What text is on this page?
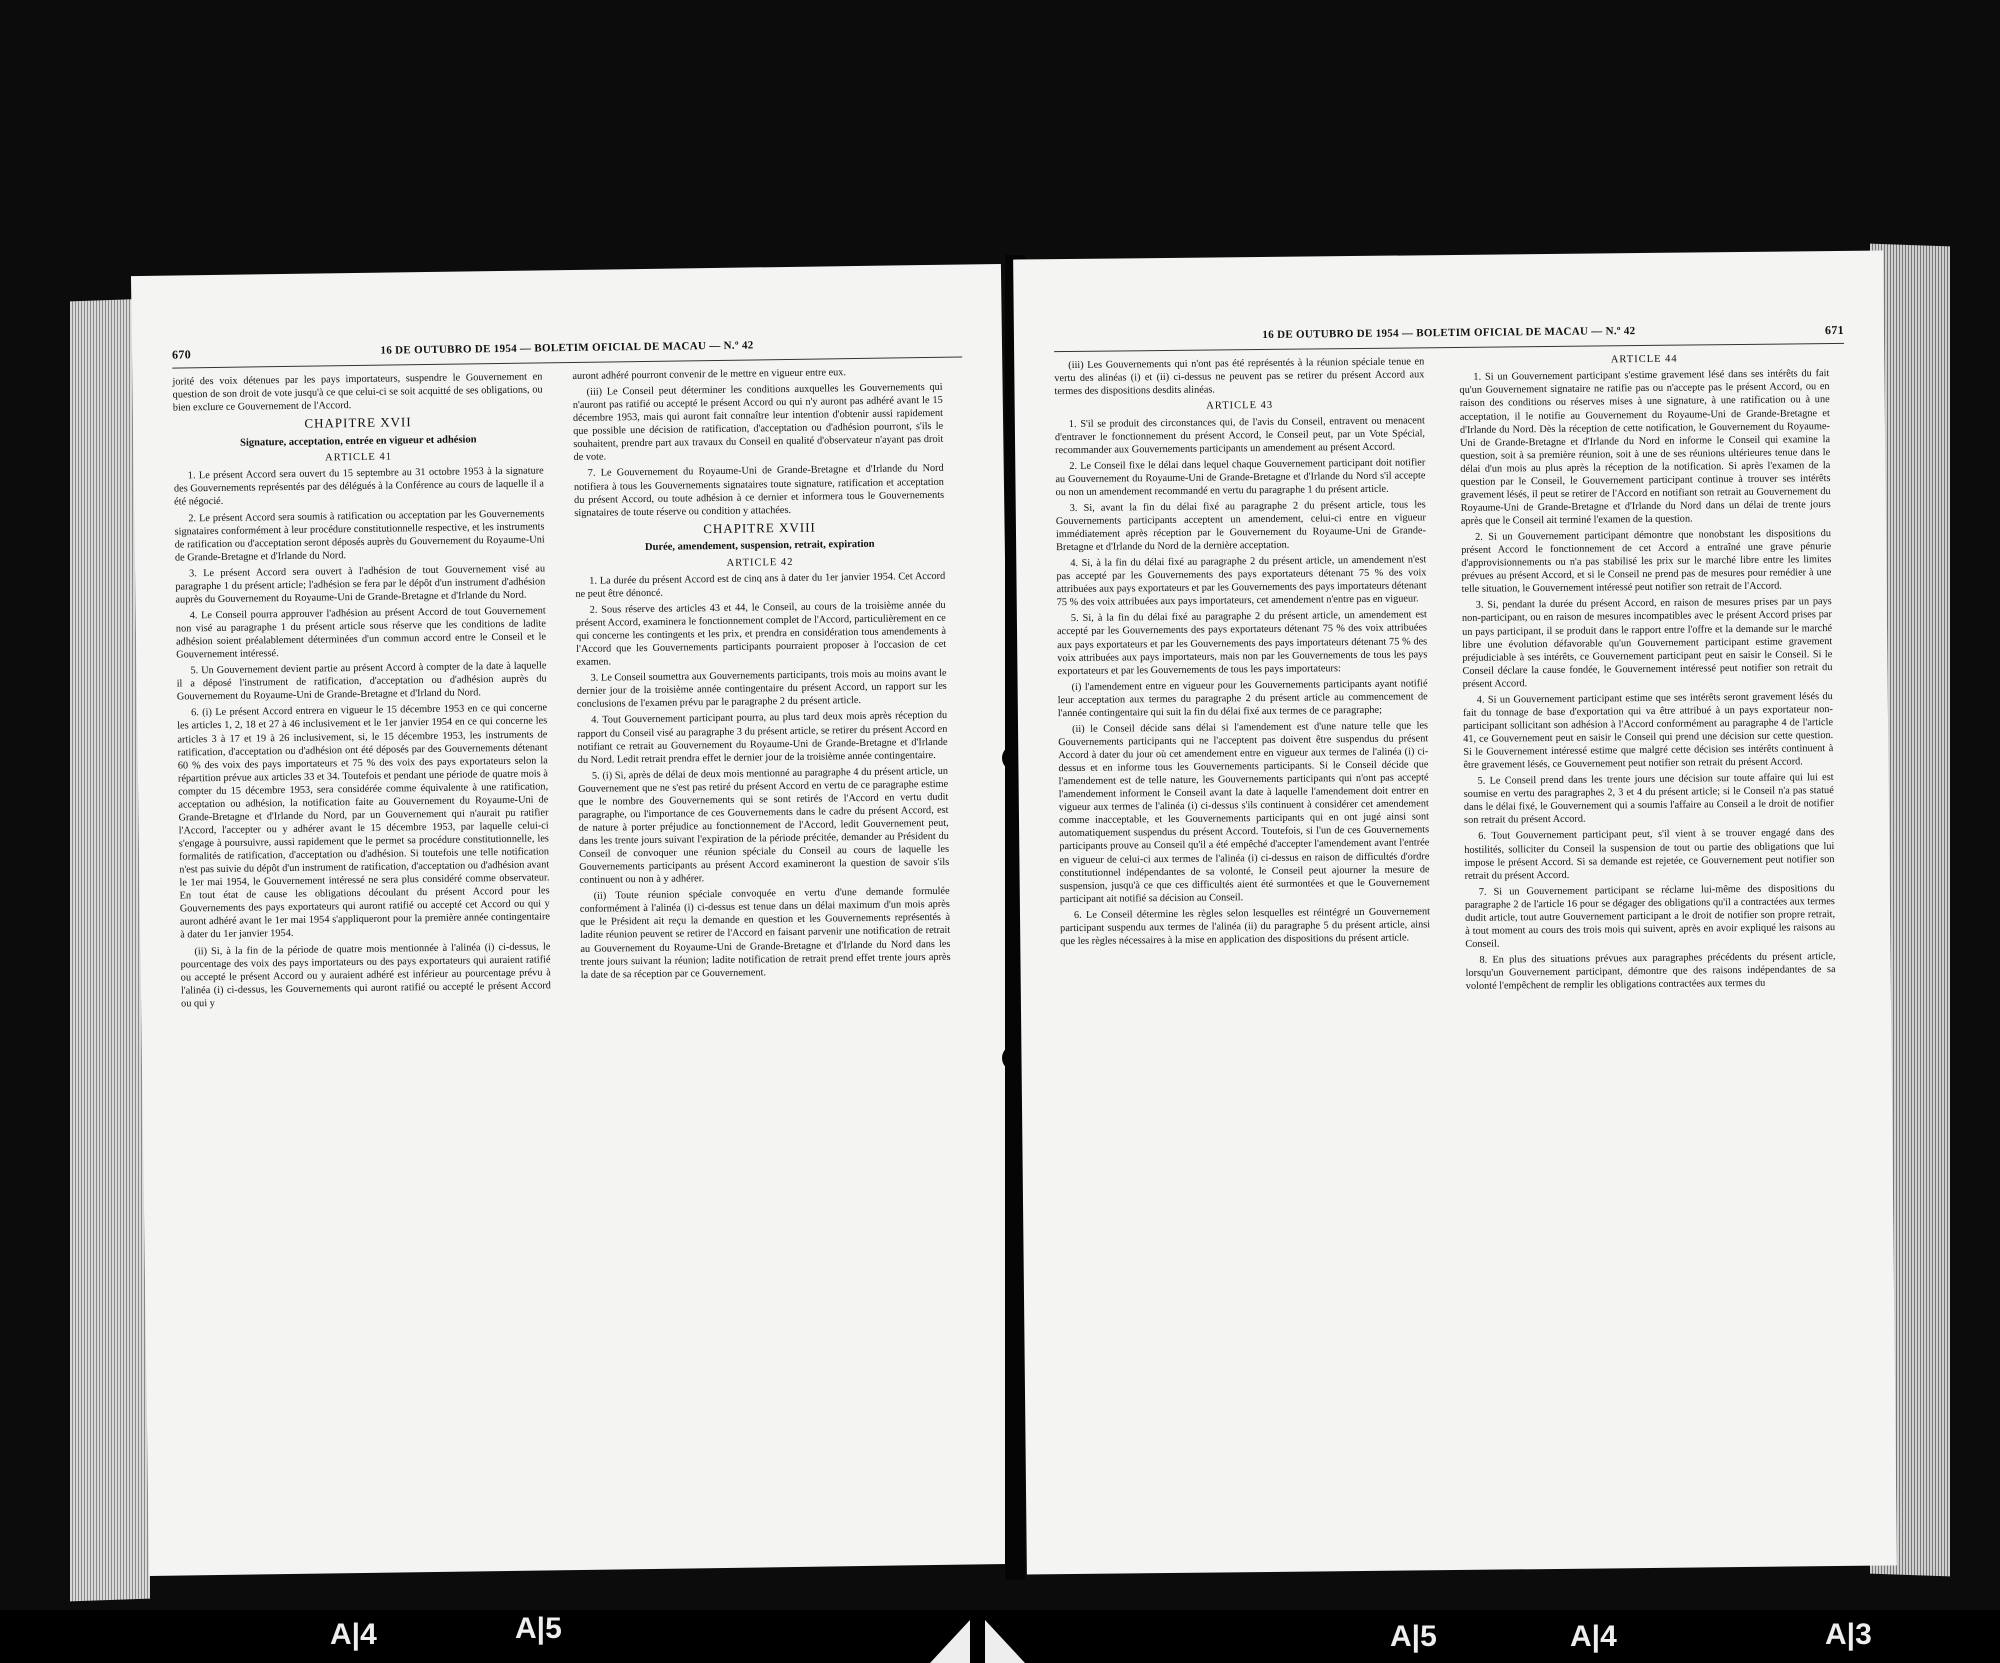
670	16 DE OUTUBRO DE 1954 — BOLETIM OFICIAL DE MACAU — N.º 42

jorité des voix détenues par les pays importateurs, suspendre le Gouvernement en question de son droit de vote jusqu'à ce que celui-ci se soit acquitté de ses obligations, ou bien exclure ce Gouvernement de l'Accord.

CHAPITRE XVII

Signature, acceptation, entrée en vigueur et adhésion

ARTICLE 41

1. Le présent Accord sera ouvert du 15 septembre au 31 octobre 1953 à la signature des Gouvernements représentés par des délégués à la Conférence au cours de laquelle il a été négocié.

2. Le présent Accord sera soumis à ratification ou acceptation par les Gouvernements signataires conformément à leur procédure constitutionnelle respective, et les instruments de ratification ou d'acceptation seront déposés auprès du Gouvernement du Royaume-Uni de Grande-Bretagne et d'Irlande du Nord.

3. Le présent Accord sera ouvert à l'adhésion de tout Gouvernement visé au paragraphe 1 du présent article; l'adhésion se fera par le dépôt d'un instrument d'adhésion auprès du Gouvernement du Royaume-Uni de Grande-Bretagne et d'Irlande du Nord.

4. Le Conseil pourra approuver l'adhésion au présent Accord de tout Gouvernement non visé au paragraphe 1 du présent article sous réserve que les conditions de ladite adhésion soient préalablement déterminées d'un commun accord entre le Conseil et le Gouvernement intéressé.

5. Un Gouvernement devient partie au présent Accord à compter de la date à laquelle il a déposé l'instrument de ratification, d'acceptation ou d'adhésion auprès du Gouvernement du Royaume-Uni de Grande-Bretagne et d'Irland du Nord.

6. (i) Le présent Accord entrera en vigueur le 15 décembre 1953 en ce qui concerne les articles 1, 2, 18 et 27 à 46 inclusivement et le 1er janvier 1954 en ce qui concerne les articles 3 à 17 et 19 à 26 inclusivement, si, le 15 décembre 1953, les instruments de ratification, d'acceptation ou d'adhésion ont été déposés par des Gouvernements détenant 60 % des voix des pays importateurs et 75 % des voix des pays exportateurs selon la répartition prévue aux articles 33 et 34. Toutefois et pendant une période de quatre mois à compter du 15 décembre 1953, sera considérée comme équivalente à une ratification, acceptation ou adhésion, la notification faite au Gouvernement du Royaume-Uni de Grande-Bretagne et d'Irlande du Nord, par un Gouvernement qui n'aurait pu ratifier l'Accord, l'accepter ou y adhérer avant le 15 décembre 1953, par laquelle celui-ci s'engage à poursuivre, aussi rapidement que le permet sa procédure constitutionnelle, les formalités de ratification, d'acceptation ou d'adhésion. Si toutefois une telle notification n'est pas suivie du dépôt d'un instrument de ratification, d'acceptation ou d'adhésion avant le 1er mai 1954, le Gouvernement intéressé ne sera plus considéré comme observateur. En tout état de cause les obligations découlant du présent Accord pour les Gouvernements des pays exportateurs qui auront ratifié ou accepté cet Accord ou qui y auront adhéré avant le 1er mai 1954 s'appliqueront pour la première année contingentaire à dater du 1er janvier 1954.

(ii) Si, à la fin de la période de quatre mois mentionnée à l'alinéa (i) ci-dessus, le pourcentage des voix des pays importateurs ou des pays exportateurs qui auraient ratifié ou accepté le présent Accord ou y auraient adhéré est inférieur au pourcentage prévu à l'alinéa (i) ci-dessus, les Gouvernements qui auront ratifié ou accepté le présent Accord ou qui y

auront adhéré pourront convenir de le mettre en vigueur entre eux.

(iii) Le Conseil peut déterminer les conditions auxquelles les Gouvernements qui n'auront pas ratifié ou accepté le présent Accord ou qui n'y auront pas adhéré avant le 15 décembre 1953, mais qui auront fait connaître leur intention d'obtenir aussi rapidement que possible une décision de ratification, d'acceptation ou d'adhésion pourront, s'ils le souhaitent, prendre part aux travaux du Conseil en qualité d'observateur n'ayant pas droit de vote.

7. Le Gouvernement du Royaume-Uni de Grande-Bretagne et d'Irlande du Nord notifiera à tous les Gouvernements signataires toute signature, ratification et acceptation du présent Accord, ou toute adhésion à ce dernier et informera tous le Gouvernements signataires de toute réserve ou condition y attachées.

CHAPITRE XVIII

Durée, amendement, suspension, retrait, expiration

ARTICLE 42

1. La durée du présent Accord est de cinq ans à dater du 1er janvier 1954. Cet Accord ne peut être dénoncé.

2. Sous réserve des articles 43 et 44, le Conseil, au cours de la troisième année du présent Accord, examinera le fonctionnement complet de l'Accord, particulièrement en ce qui concerne les contingents et les prix, et prendra en considération tous amendements à l'Accord que les Gouvernements participants pourraient proposer à l'occasion de cet examen.

3. Le Conseil soumettra aux Gouvernements participants, trois mois au moins avant le dernier jour de la troisième année contingentaire du présent Accord, un rapport sur les conclusions de l'examen prévu par le paragraphe 2 du présent article.

4. Tout Gouvernement participant pourra, au plus tard deux mois après réception du rapport du Conseil visé au paragraphe 3 du présent article, se retirer du présent Accord en notifiant ce retrait au Gouvernement du Royaume-Uni de Grande-Bretagne et d'Irlande du Nord. Ledit retrait prendra effet le dernier jour de la troisième année contingentaire.

5. (i) Si, après de délai de deux mois mentionné au paragraphe 4 du présent article, un Gouvernement que ne s'est pas retiré du présent Accord en vertu de ce paragraphe estime que le nombre des Gouvernements qui se sont retirés de l'Accord en vertu dudit paragraphe, ou l'importance de ces Gouvernements dans le cadre du présent Accord, est de nature à porter préjudice au fonctionnement de l'Accord, ledit Gouvernement peut, dans les trente jours suivant l'expiration de la période précitée, demander au Président du Conseil de convoquer une réunion spéciale du Conseil au cours de laquelle les Gouvernements participants au présent Accord examineront la question de savoir s'ils continuent ou non à y adhérer.

(ii) Toute réunion spéciale convoquée en vertu d'une demande formulée conformément à l'alinéa (i) ci-dessus est tenue dans un délai maximum d'un mois après que le Président ait reçu la demande en question et les Gouvernements représentés à ladite réunion peuvent se retirer de l'Accord en faisant parvenir une notification de retrait au Gouvernement du Royaume-Uni de Grande-Bretagne et d'Irlande du Nord dans les trente jours suivant la réunion; ladite notification de retrait prend effet trente jours après la date de sa réception par ce Gouvernement.

16 DE OUTUBRO DE 1954 — BOLETIM OFICIAL DE MACAU — N.º 42	671

(iii) Les Gouvernements qui n'ont pas été représentés à la réunion spéciale tenue en vertu des alinéas (i) et (ii) ci-dessus ne peuvent pas se retirer du présent Accord aux termes des dispositions desdits alinéas.

ARTICLE 43

1. S'il se produit des circonstances qui, de l'avis du Conseil, entravent ou menacent d'entraver le fonctionnement du présent Accord, le Conseil peut, par un Vote Spécial, recommander aux Gouvernements participants un amendement au présent Accord.

2. Le Conseil fixe le délai dans lequel chaque Gouvernement participant doit notifier au Gouvernement du Royaume-Uni de Grande-Bretagne et d'Irlande du Nord s'il accepte ou non un amendement recommandé en vertu du paragraphe 1 du présent article.

3. Si, avant la fin du délai fixé au paragraphe 2 du présent article, tous les Gouvernements participants acceptent un amendement, celui-ci entre en vigueur immédiatement après réception par le Gouvernement du Royaume-Uni de Grande-Bretagne et d'Irlande du Nord de la dernière acceptation.

4. Si, à la fin du délai fixé au paragraphe 2 du présent article, un amendement n'est pas accepté par les Gouvernements des pays exportateurs détenant 75 % des voix attribuées aux pays exportateurs et par les Gouvernements des pays importateurs détenant 75 % des voix attribuées aux pays importateurs, cet amendement n'entre pas en vigueur.

5. Si, à la fin du délai fixé au paragraphe 2 du présent article, un amendement est accepté par les Gouvernements des pays exportateurs détenant 75 % des voix attribuées aux pays exportateurs et par les Gouvernements des pays importateurs détenant 75 % des voix attribuées aux pays importateurs, mais non par les Gouvernements de tous les pays exportateurs et par les Gouvernements de tous les pays importateurs:

(i) l'amendement entre en vigueur pour les Gouvernements participants ayant notifié leur acceptation aux termes du paragraphe 2 du présent article au commencement de l'année contingentaire qui suit la fin du délai fixé aux termes de ce paragraphe;

(ii) le Conseil décide sans délai si l'amendement est d'une nature telle que les Gouvernements participants qui ne l'acceptent pas doivent être suspendus du présent Accord à dater du jour où cet amendement entre en vigueur aux termes de l'alinéa (i) ci-dessus et en informe tous les Gouvernements participants. Si le Conseil décide que l'amendement est de telle nature, les Gouvernements participants qui n'ont pas accepté l'amendement informent le Conseil avant la date à laquelle l'amendement doit entrer en vigueur aux termes de l'alinéa (i) ci-dessus s'ils continuent à considérer cet amendement comme inacceptable, et les Gouvernements participants qui en ont jugé ainsi sont automatiquement suspendus du présent Accord. Toutefois, si l'un de ces Gouvernements participants prouve au Conseil qu'il a été empêché d'accepter l'amendement avant l'entrée en vigueur de celui-ci aux termes de l'alinéa (i) ci-dessus en raison de difficultés d'ordre constitutionnel indépendantes de sa volonté, le Conseil peut ajourner la mesure de suspension, jusqu'à ce que ces difficultés aient été surmontées et que le Gouvernement participant ait notifié sa décision au Conseil.

6. Le Conseil détermine les règles selon lesquelles est réintégré un Gouvernement participant suspendu aux termes de l'alinéa (ii) du paragraphe 5 du présent article, ainsi que les règles nécessaires à la mise en application des dispositions du présent article.

ARTICLE 44

1. Si un Gouvernement participant s'estime gravement lésé dans ses intérêts du fait qu'un Gouvernement signataire ne ratifie pas ou n'accepte pas le présent Accord, ou en raison des conditions ou réserves mises à une signature, à une ratification ou à une acceptation, il le notifie au Gouvernement du Royaume-Uni de Grande-Bretagne et d'Irlande du Nord. Dès la réception de cette notification, le Gouvernement du Royaume-Uni de Grande-Bretagne et d'Irlande du Nord en informe le Conseil qui examine la question, soit à sa première réunion, soit à une de ses réunions ultérieures tenue dans le délai d'un mois au plus après la réception de la notification. Si après l'examen de la question par le Conseil, le Gouvernement participant continue à trouver ses intérêts gravement lésés, il peut se retirer de l'Accord en notifiant son retrait au Gouvernement du Royaume-Uni de Grande-Bretagne et d'Irlande du Nord dans un délai de trente jours après que le Conseil ait terminé l'examen de la question.

2. Si un Gouvernement participant démontre que nonobstant les dispositions du présent Accord le fonctionnement de cet Accord a entraîné une grave pénurie d'approvisionnements ou n'a pas stabilisé les prix sur le marché libre entre les limites prévues au présent Accord, et si le Conseil ne prend pas de mesures pour remédier à une telle situation, le Gouvernement intéressé peut notifier son retrait de l'Accord.

3. Si, pendant la durée du présent Accord, en raison de mesures prises par un pays non-participant, ou en raison de mesures incompatibles avec le présent Accord prises par un pays participant, il se produit dans le rapport entre l'offre et la demande sur le marché libre une évolution défavorable qu'un Gouvernement participant estime gravement préjudiciable à ses intérêts, ce Gouvernement participant peut en saisir le Conseil. Si le Conseil déclare la cause fondée, le Gouvernement intéressé peut notifier son retrait du présent Accord.

4. Si un Gouvernement participant estime que ses intérêts seront gravement lésés du fait du tonnage de base d'exportation qui va être attribué à un pays exportateur non-participant sollicitant son adhésion à l'Accord conformément au paragraphe 4 de l'article 41, ce Gouvernement peut en saisir le Conseil qui prend une décision sur cette question. Si le Gouvernement intéressé estime que malgré cette décision ses intérêts continuent à être gravement lésés, ce Gouvernement peut notifier son retrait du présent Accord.

5. Le Conseil prend dans les trente jours une décision sur toute affaire qui lui est soumise en vertu des paragraphes 2, 3 et 4 du présent article; si le Conseil n'a pas statué dans le délai fixé, le Gouvernement qui a soumis l'affaire au Conseil a le droit de notifier son retrait du présent Accord.

6. Tout Gouvernement participant peut, s'il vient à se trouver engagé dans des hostilités, solliciter du Conseil la suspension de tout ou partie des obligations que lui impose le présent Accord. Si sa demande est rejetée, ce Gouvernement peut notifier son retrait du présent Accord.

7. Si un Gouvernement participant se réclame lui-même des dispositions du paragraphe 2 de l'article 16 pour se dégager des obligations qu'il a contractées aux termes dudit article, tout autre Gouvernement participant a le droit de notifier son propre retrait, à tout moment au cours des trois mois qui suivent, après en avoir expliqué les raisons au Conseil.

8. En plus des situations prévues aux paragraphes précédents du présent article, lorsqu'un Gouvernement participant, démontre que des raisons indépendantes de sa volonté l'empêchent de remplir les obligations contractées aux termes du

A|4	A|5	A|5	A|4	A|3
